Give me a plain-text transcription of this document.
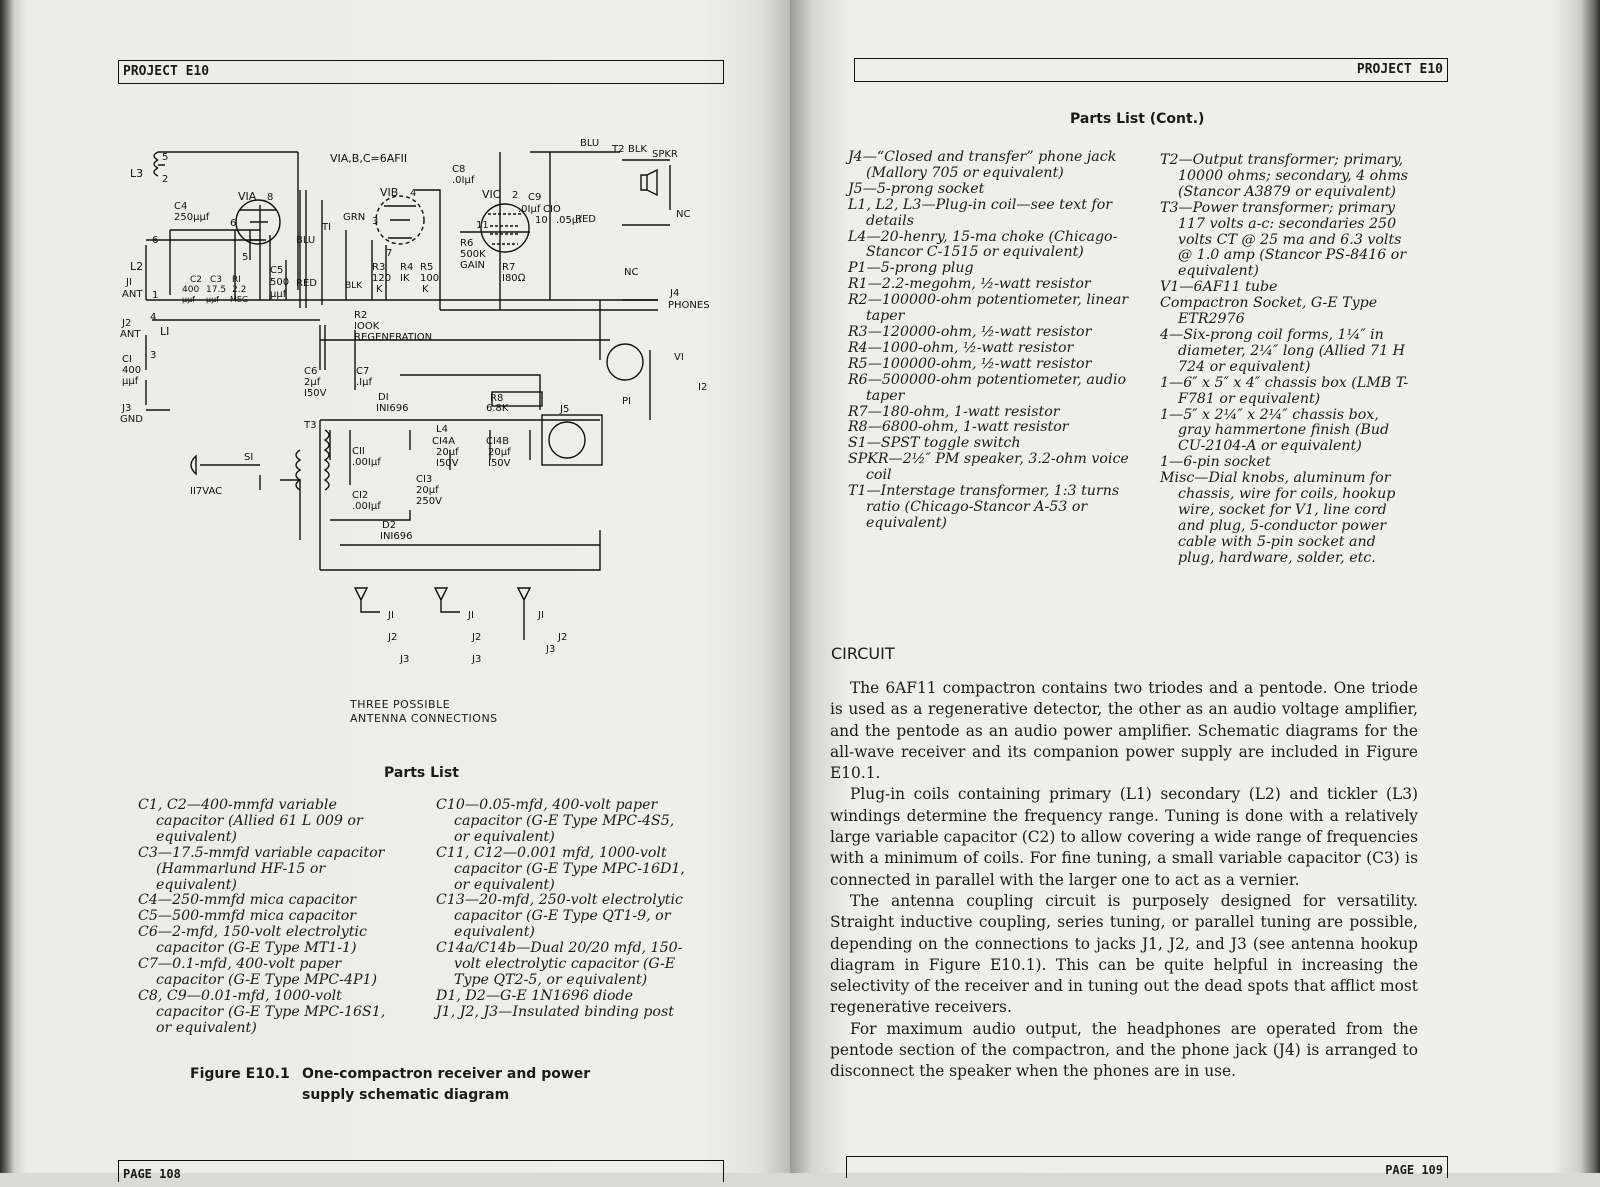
PROJECT E10
VIA,B,C=6AFII
L3
L2
LI
5
2
6
1
4
3
VIA	VIB	VIC
8
6
5
4
3
7
2
11	10
C4
250µµf
C2
400
C3
17.5
RI
2.2
µµf µµf MEG
C5
500
µµf
JI
ANT
J2
ANT
CI
400
µµf
J3
GND
TI
BLU
RED
GRN
BLK
R3
120
K
R4
IK
R5
100
K
C8
.0Iµf
C9
.0Iµf CIO
.05µf
R6
500K
GAIN R7
I80Ω
T2
BLU
BLK
RED
SPKR
NC
NC
J4
PHONES
R2
IOOK
REGENERATION
C6
2µf
I50V
C7
.Iµf
VI
PI
I2
DI
INI696
R8
6.8K	J5
T3
CII
.00Iµf
L4
CI4A
20µf
I50V
CI4B
20µf
I50V
CI3
20µf
250V
CI2
.00Iµf
D2
INI696
SI
II7VAC
JI
J2
J3
JI
J2
J3
JI
J2
J3
THREE POSSIBLE
ANTENNA CONNECTIONS
Parts List
C1, C2—400-mmfd variable capacitor (Allied 61 L 009 or equivalent)
C3—17.5-mmfd variable capacitor (Hammarlund HF-15 or equivalent)
C4—250-mmfd mica capacitor
C5—500-mmfd mica capacitor
C6—2-mfd, 150-volt electrolytic capacitor (G-E Type MT1-1)
C7—0.1-mfd, 400-volt paper capacitor (G-E Type MPC-4P1)
C8, C9—0.01-mfd, 1000-volt capacitor (G-E Type MPC-16S1, or equivalent)
C10—0.05-mfd, 400-volt paper capacitor (G-E Type MPC-4S5, or equivalent)
C11, C12—0.001 mfd, 1000-volt capacitor (G-E Type MPC-16D1, or equivalent)
C13—20-mfd, 250-volt electrolytic capacitor (G-E Type QT1-9, or equivalent)
C14a/C14b—Dual 20/20 mfd, 150-volt electrolytic capacitor (G-E Type QT2-5, or equivalent)
D1, D2—G-E 1N1696 diode
J1, J2, J3—Insulated binding post
Figure E10.1 One-compactron receiver and power supply schematic diagram
PAGE 108
PROJECT E10
Parts List (Cont.)
J4—“Closed and transfer” phone jack (Mallory 705 or equivalent)
J5—5-prong socket
L1, L2, L3—Plug-in coil—see text for details
L4—20-henry, 15-ma choke (Chicago-Stancor C-1515 or equivalent)
P1—5-prong plug
R1—2.2-megohm, ½-watt resistor
R2—100000-ohm potentiometer, linear taper
R3—120000-ohm, ½-watt resistor
R4—1000-ohm, ½-watt resistor
R5—100000-ohm, ½-watt resistor
R6—500000-ohm potentiometer, audio taper
R7—180-ohm, 1-watt resistor
R8—6800-ohm, 1-watt resistor
S1—SPST toggle switch
SPKR—2½″ PM speaker, 3.2-ohm voice coil
T1—Interstage transformer, 1:3 turns ratio (Chicago-Stancor A-53 or equivalent)
T2—Output transformer; primary, 10000 ohms; secondary, 4 ohms (Stancor A3879 or equivalent)
T3—Power transformer; primary 117 volts a-c: secondaries 250 volts CT @ 25 ma and 6.3 volts @ 1.0 amp (Stancor PS-8416 or equivalent)
V1—6AF11 tube
Compactron Socket, G-E Type ETR2976
4—Six-prong coil forms, 1¼″ in diameter, 2¼″ long (Allied 71 H 724 or equivalent)
1—6″ x 5″ x 4″ chassis box (LMB T-F781 or equivalent)
1—5″ x 2¼″ x 2¼″ chassis box, gray hammertone finish (Bud CU-2104-A or equivalent)
1—6-pin socket
Misc—Dial knobs, aluminum for chassis, wire for coils, hookup wire, socket for V1, line cord and plug, 5-conductor power cable with 5-pin socket and plug, hardware, solder, etc.
CIRCUIT

The 6AF11 compactron contains two triodes and a pentode. One triode is used as a regenerative detector, the other as an audio voltage amplifier, and the pentode as an audio power amplifier. Schematic diagrams for the all-wave receiver and its companion power supply are included in Figure E10.1.

Plug-in coils containing primary (L1) secondary (L2) and tickler (L3) windings determine the frequency range. Tuning is done with a relatively large variable capacitor (C2) to allow covering a wide range of frequencies with a minimum of coils. For fine tuning, a small variable capacitor (C3) is connected in parallel with the larger one to act as a vernier.

The antenna coupling circuit is purposely designed for versatility. Straight inductive coupling, series tuning, or parallel tuning are possible, depending on the connections to jacks J1, J2, and J3 (see antenna hookup diagram in Figure E10.1). This can be quite helpful in increasing the selectivity of the receiver and in tuning out the dead spots that afflict most regenerative receivers.

For maximum audio output, the headphones are operated from the pentode section of the compactron, and the phone jack (J4) is arranged to disconnect the speaker when the phones are in use.

PAGE 109
